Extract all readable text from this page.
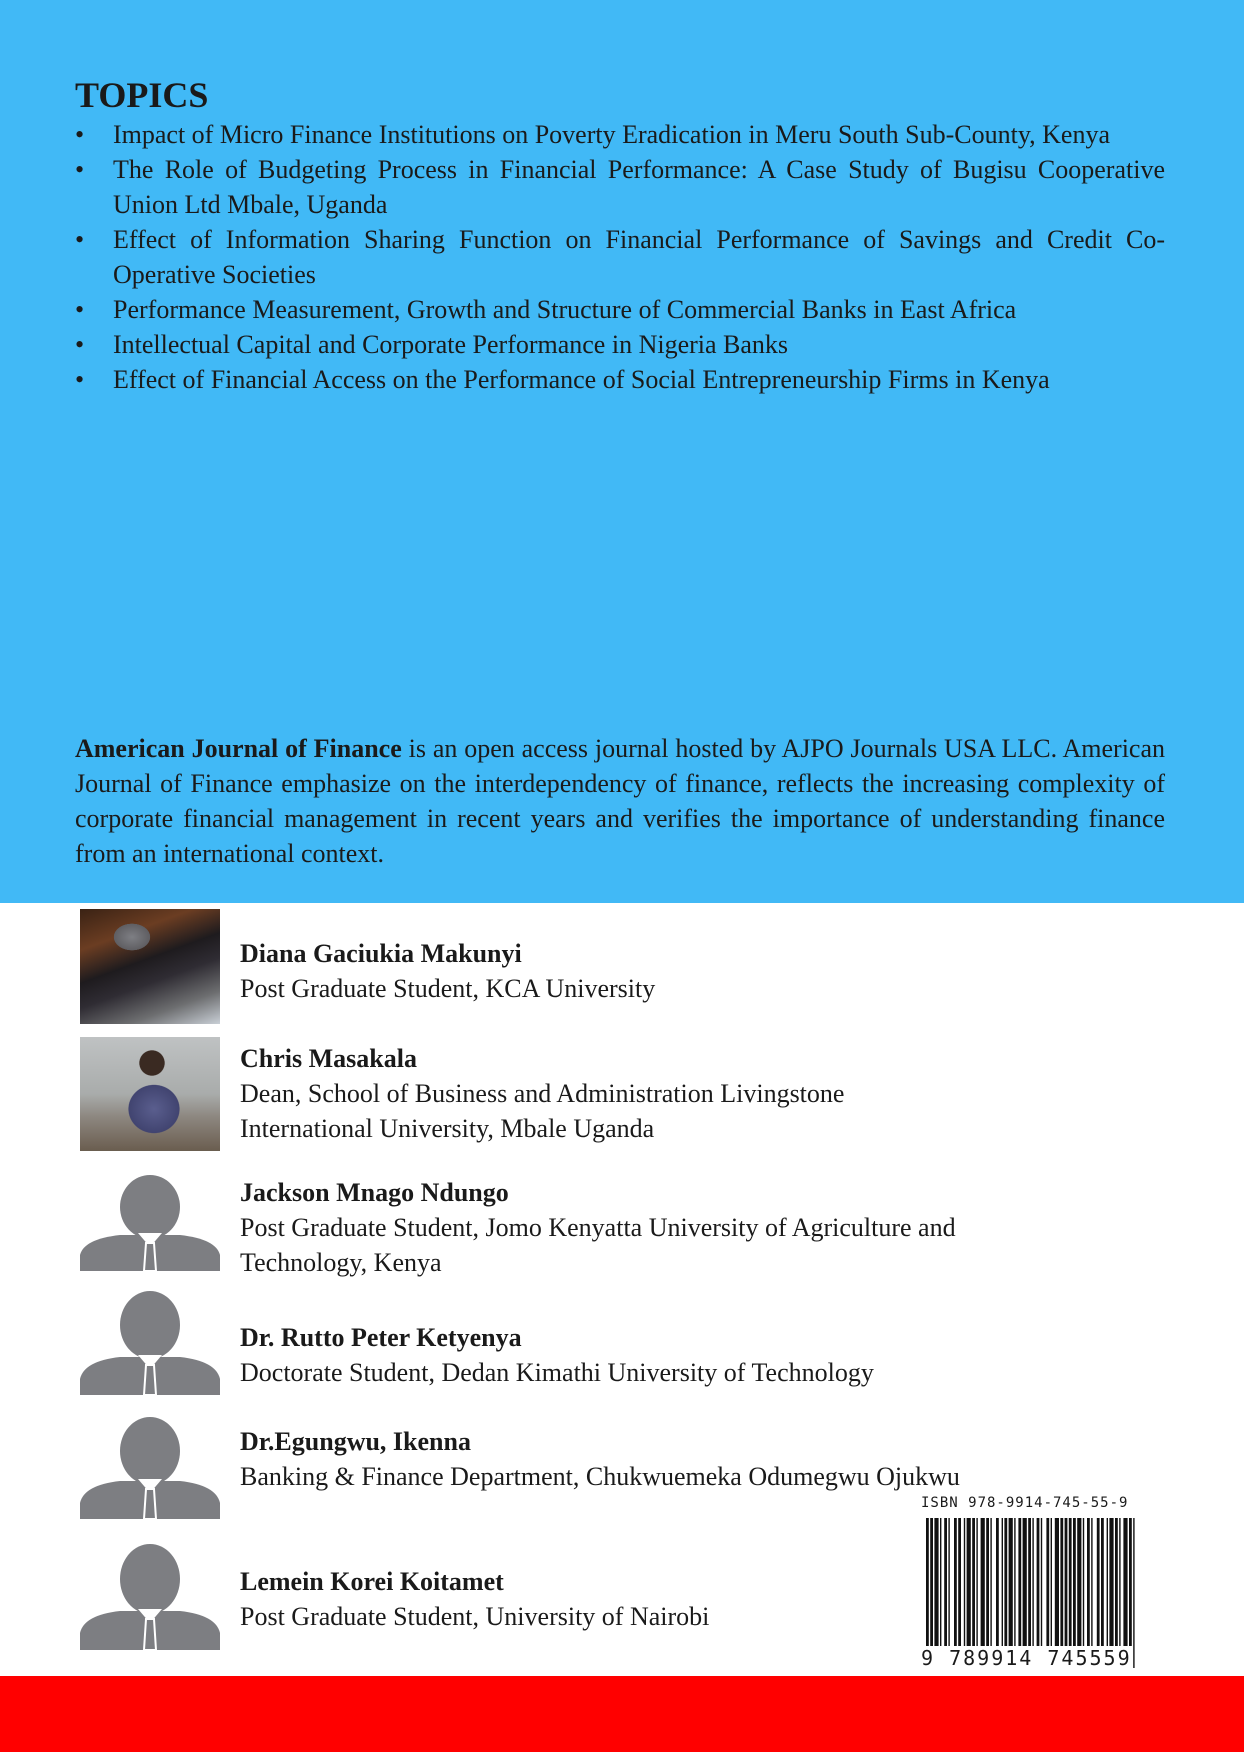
TOPICS
•	Impact of Micro Finance Institutions on Poverty Eradication in Meru South Sub-County, Kenya
•	The Role of Budgeting Process in Financial Performance: A Case Study of Bugisu Cooperative Union Ltd Mbale, Uganda
•	Effect of Information Sharing Function on Financial Performance of Savings and Credit Co-Operative Societies
•	Performance Measurement, Growth and Structure of Commercial Banks in East Africa
•	Intellectual Capital and Corporate Performance in Nigeria Banks
•	Effect of Financial Access on the Performance of Social Entrepreneurship Firms in Kenya

American Journal of Finance is an open access journal hosted by AJPO Journals USA LLC. American Journal of Finance emphasize on the interdependency of finance, reflects the increasing complexity of corporate financial management in recent years and verifies the importance of understanding finance from an international context.

Diana Gaciukia Makunyi
Post Graduate Student, KCA University
Chris Masakala
Dean, School of Business and Administration Livingstone International University, Mbale Uganda
Jackson Mnago Ndungo
Post Graduate Student, Jomo Kenyatta University of Agriculture and Technology, Kenya
Dr. Rutto Peter Ketyenya
Doctorate Student, Dedan Kimathi University of Technology
Dr.Egungwu, Ikenna
Banking & Finance Department, Chukwuemeka Odumegwu Ojukwu
Lemein Korei Koitamet
Post Graduate Student, University of Nairobi
ISBN 978-9914-745-55-9
9 789914 745559
